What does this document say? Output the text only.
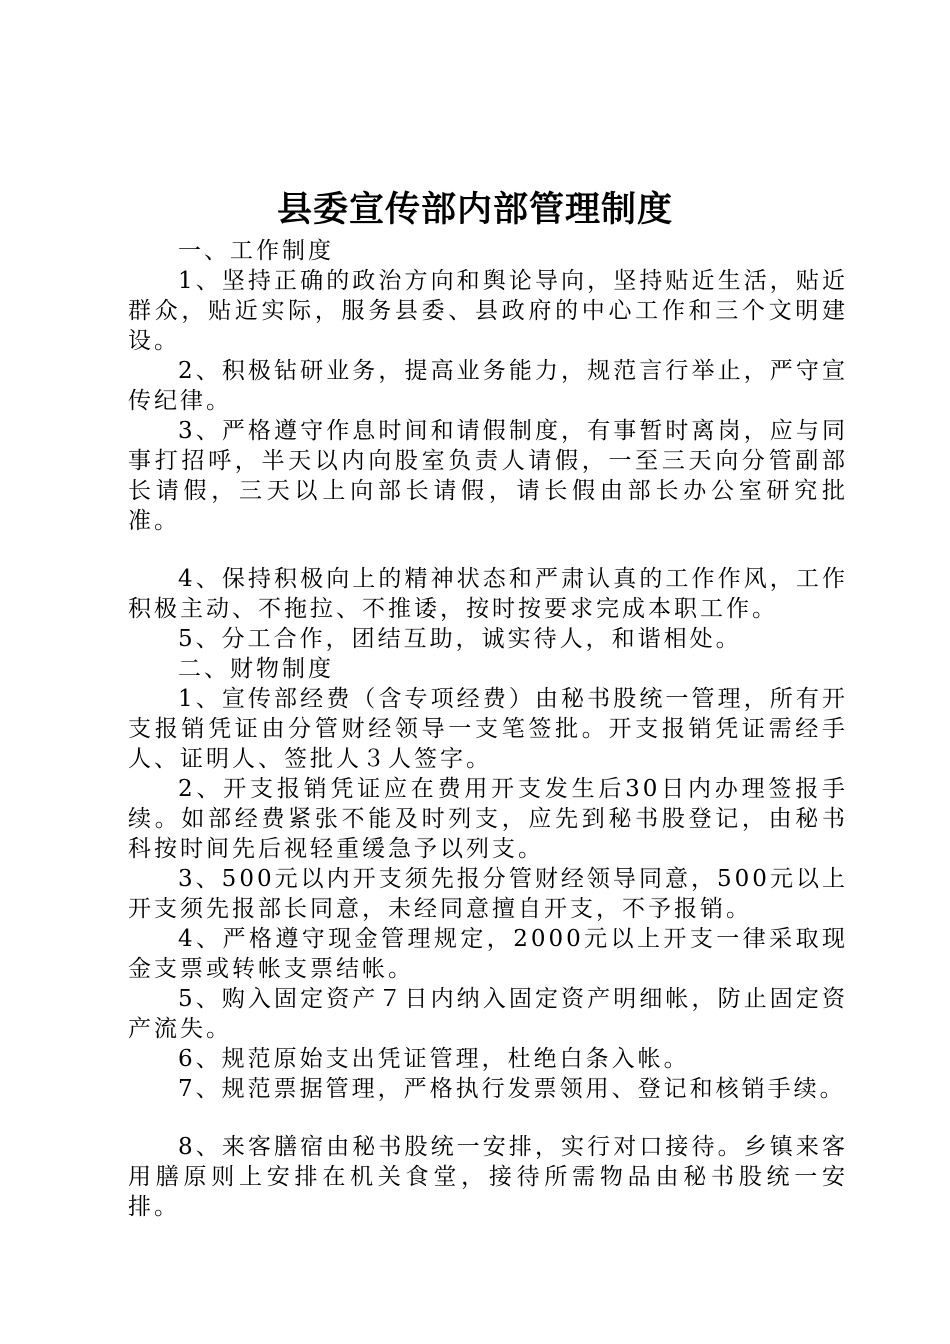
县委宣传部内部管理制度

一、工作制度

1、坚持正确的政治方向和舆论导向，坚持贴近生活，贴近群众，贴近实际，服务县委、县政府的中心工作和三个文明建设。

2、积极钻研业务，提高业务能力，规范言行举止，严守宣传纪律。

3、严格遵守作息时间和请假制度，有事暂时离岗，应与同事打招呼，半天以内向股室负责人请假，一至三天向分管副部长请假，三天以上向部长请假，请长假由部长办公室研究批准。

4、保持积极向上的精神状态和严肃认真的工作作风，工作积极主动、不拖拉、不推诿，按时按要求完成本职工作。

5、分工合作，团结互助，诚实待人，和谐相处。

二、财物制度

1、宣传部经费（含专项经费）由秘书股统一管理，所有开支报销凭证由分管财经领导一支笔签批。开支报销凭证需经手人、证明人、签批人３人签字。

2、开支报销凭证应在费用开支发生后30日内办理签报手续。如部经费紧张不能及时列支，应先到秘书股登记，由秘书科按时间先后视轻重缓急予以列支。

3、500元以内开支须先报分管财经领导同意，500元以上开支须先报部长同意，未经同意擅自开支，不予报销。

4、严格遵守现金管理规定，2000元以上开支一律采取现金支票或转帐支票结帐。

5、购入固定资产７日内纳入固定资产明细帐，防止固定资产流失。

6、规范原始支出凭证管理，杜绝白条入帐。

7、规范票据管理，严格执行发票领用、登记和核销手续。

8、来客膳宿由秘书股统一安排，实行对口接待。乡镇来客用膳原则上安排在机关食堂，接待所需物品由秘书股统一安排。
